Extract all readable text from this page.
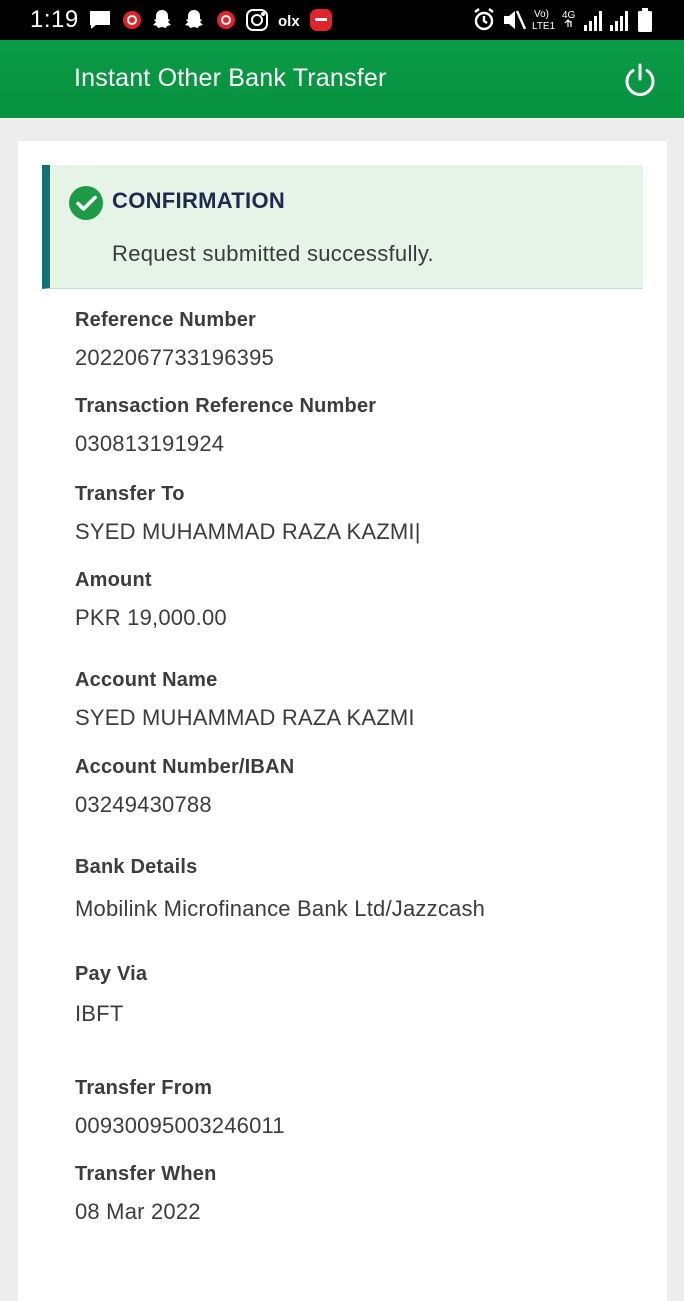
1:19	olx	Vo)
LTE1
4G
Instant Other Bank Transfer
CONFIRMATION
Request submitted successfully.
Reference Number
2022067733196395
Transaction Reference Number
030813191924
Transfer To
SYED MUHAMMAD RAZA KAZMI|
Amount
PKR 19,000.00
Account Name
SYED MUHAMMAD RAZA KAZMI
Account Number/IBAN
03249430788
Bank Details
Mobilink Microfinance Bank Ltd/Jazzcash
Pay Via
IBFT
Transfer From
00930095003246011
Transfer When
08 Mar 2022
